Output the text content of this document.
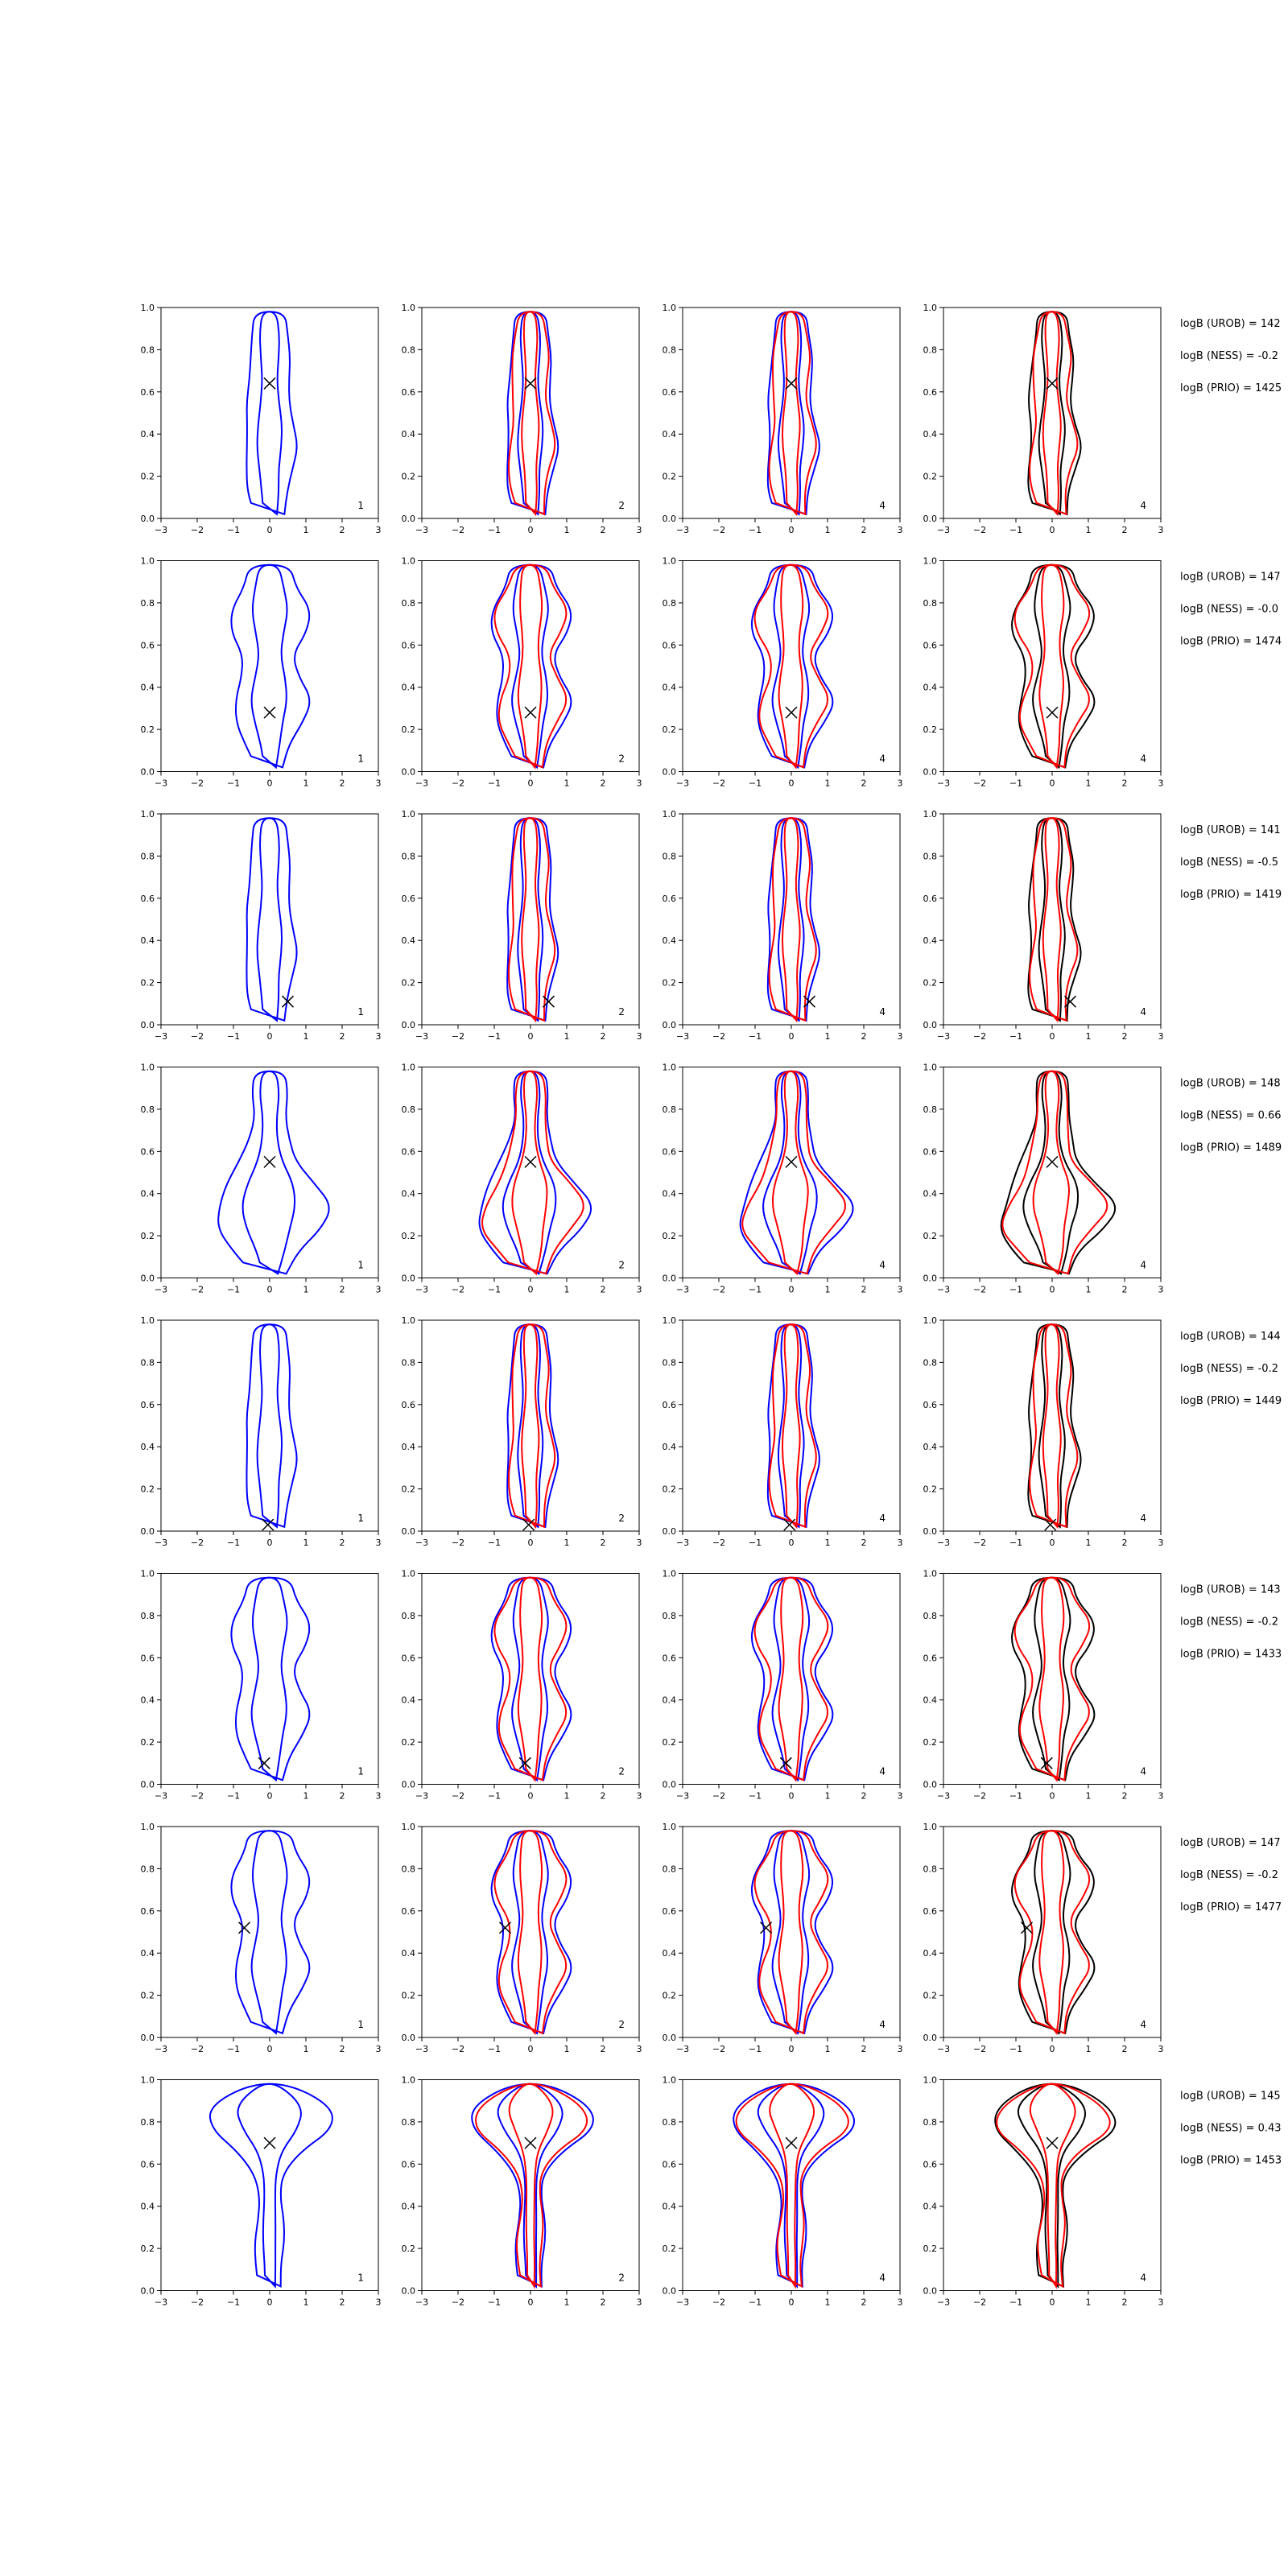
−3	−2	−1	0	1	2	3
0.0
0.2
0.4
0.6
0.8
1.0
1
−3	−2	−1	0	1	2	3
0.0
0.2
0.4
0.6
0.8
1.0
2
−3	−2	−1	0	1	2	3
0.0
0.2
0.4
0.6
0.8
1.0
4
−3	−2	−1	0	1	2	3
0.0
0.2
0.4
0.6
0.8
1.0
4
logB (UROB) = 142
logB (NESS) = -0.2
logB (PRIO) = 1425
−3	−2	−1	0	1	2	3
0.0
0.2
0.4
0.6
0.8
1.0
1
−3	−2	−1	0	1	2	3
0.0
0.2
0.4
0.6
0.8
1.0
2
−3	−2	−1	0	1	2	3
0.0
0.2
0.4
0.6
0.8
1.0
4
−3	−2	−1	0	1	2	3
0.0
0.2
0.4
0.6
0.8
1.0
4
logB (UROB) = 147
logB (NESS) = -0.0
logB (PRIO) = 1474
−3	−2	−1	0	1	2	3
0.0
0.2
0.4
0.6
0.8
1.0
1
−3	−2	−1	0	1	2	3
0.0
0.2
0.4
0.6
0.8
1.0
2
−3	−2	−1	0	1	2	3
0.0
0.2
0.4
0.6
0.8
1.0
4
−3	−2	−1	0	1	2	3
0.0
0.2
0.4
0.6
0.8
1.0
4
logB (UROB) = 141
logB (NESS) = -0.5
logB (PRIO) = 1419
−3	−2	−1	0	1	2	3
0.0
0.2
0.4
0.6
0.8
1.0
1
−3	−2	−1	0	1	2	3
0.0
0.2
0.4
0.6
0.8
1.0
2
−3	−2	−1	0	1	2	3
0.0
0.2
0.4
0.6
0.8
1.0
4
−3	−2	−1	0	1	2	3
0.0
0.2
0.4
0.6
0.8
1.0
4
logB (UROB) = 148
logB (NESS) = 0.66
logB (PRIO) = 1489
−3	−2	−1	0	1	2	3
0.0
0.2
0.4
0.6
0.8
1.0
1
−3	−2	−1	0	1	2	3
0.0
0.2
0.4
0.6
0.8
1.0
2
−3	−2	−1	0	1	2	3
0.0
0.2
0.4
0.6
0.8
1.0
4
−3	−2	−1	0	1	2	3
0.0
0.2
0.4
0.6
0.8
1.0
4
logB (UROB) = 144
logB (NESS) = -0.2
logB (PRIO) = 1449
−3	−2	−1	0	1	2	3
0.0
0.2
0.4
0.6
0.8
1.0
1
−3	−2	−1	0	1	2	3
0.0
0.2
0.4
0.6
0.8
1.0
2
−3	−2	−1	0	1	2	3
0.0
0.2
0.4
0.6
0.8
1.0
4
−3	−2	−1	0	1	2	3
0.0
0.2
0.4
0.6
0.8
1.0
4
logB (UROB) = 143
logB (NESS) = -0.2
logB (PRIO) = 1433
−3	−2	−1	0	1	2	3
0.0
0.2
0.4
0.6
0.8
1.0
1
−3	−2	−1	0	1	2	3
0.0
0.2
0.4
0.6
0.8
1.0
2
−3	−2	−1	0	1	2	3
0.0
0.2
0.4
0.6
0.8
1.0
4
−3	−2	−1	0	1	2	3
0.0
0.2
0.4
0.6
0.8
1.0
4
logB (UROB) = 147
logB (NESS) = -0.2
logB (PRIO) = 1477
−3	−2	−1	0	1	2	3
0.0
0.2
0.4
0.6
0.8
1.0
1
−3	−2	−1	0	1	2	3
0.0
0.2
0.4
0.6
0.8
1.0
2
−3	−2	−1	0	1	2	3
0.0
0.2
0.4
0.6
0.8
1.0
4
−3	−2	−1	0	1	2	3
0.0
0.2
0.4
0.6
0.8
1.0
4
logB (UROB) = 145
logB (NESS) = 0.43
logB (PRIO) = 1453
